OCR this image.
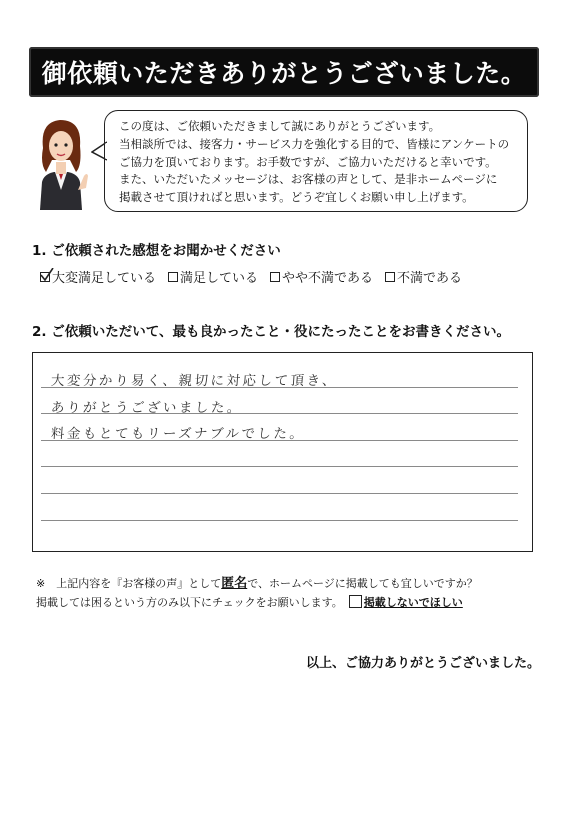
御依頼いただきありがとうございました。
この度は、ご依頼いただきまして誠にありがとうございます。
当相談所では、接客力・サービス力を強化する目的で、皆様にアンケートの
ご協力を頂いております。お手数ですが、ご協力いただけると幸いです。
また、いただいたメッセージは、お客様の声として、是非ホームページに
掲載させて頂ければと思います。どうぞ宜しくお願い申し上げます。
1. ご依頼された感想をお聞かせください
大変満足している 満足している やや不満である 不満である
2. ご依頼いただいて、最も良かったこと・役にたったことをお書きください。
大変分かり易く、親切に対応して頂き、
ありがとうございました。
料金もとてもリーズナブルでした。
※　上記内容を『お客様の声』として匿名で、ホームページに掲載しても宜しいですか？
掲載しては困るという方のみ以下にチェックをお願いします。 掲載しないでほしい
以上、ご協力ありがとうございました。
